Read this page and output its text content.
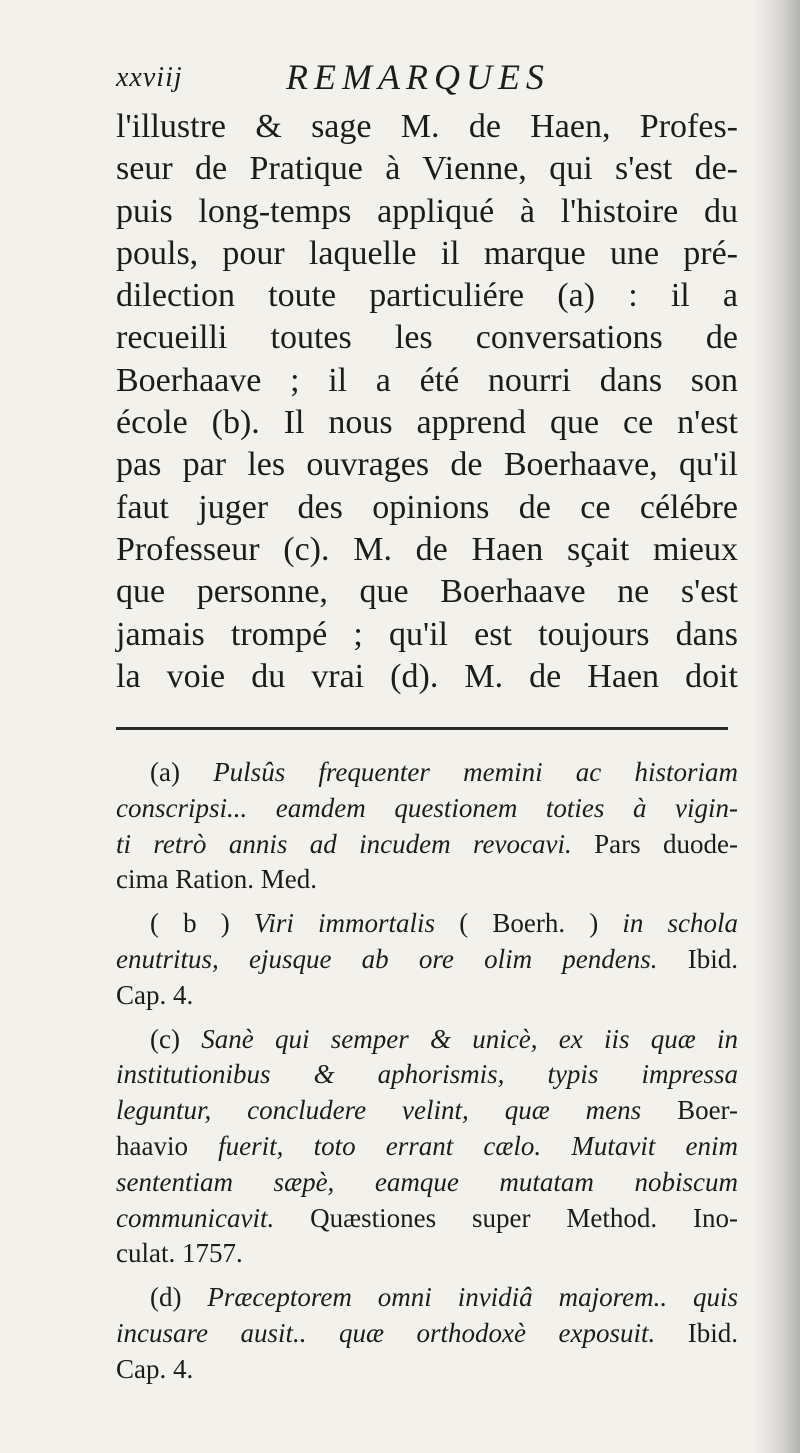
xxviij	REMARQUES
l'illustre & sage M. de Haen, Profes-
seur de Pratique à Vienne, qui s'est de-
puis long-temps appliqué à l'histoire du
pouls, pour laquelle il marque une pré-
dilection toute particuliére (a) : il a
recueilli toutes les conversations de
Boerhaave ; il a été nourri dans son
école (b). Il nous apprend que ce n'est
pas par les ouvrages de Boerhaave, qu'il
faut juger des opinions de ce célébre
Professeur (c). M. de Haen sçait mieux
que personne, que Boerhaave ne s'est
jamais trompé ; qu'il est toujours dans
la voie du vrai (d). M. de Haen doit
(a) Pulsûs frequenter memini ac historiam
conscripsi... eamdem questionem toties à vigin-
ti retrò annis ad incudem revocavi. Pars duode-
cima Ration. Med.
( b ) Viri immortalis ( Boerh. ) in schola
enutritus, ejusque ab ore olim pendens. Ibid.
Cap. 4.
(c) Sanè qui semper & unicè, ex iis quæ in
institutionibus & aphorismis, typis impressa
leguntur, concludere velint, quæ mens Boer-
haavio fuerit, toto errant cælo. Mutavit enim
sententiam sæpè, eamque mutatam nobiscum
communicavit. Quæstiones super Method. Ino-
culat. 1757.
(d) Præceptorem omni invidiâ majorem.. quis
incusare ausit.. quæ orthodoxè exposuit. Ibid.
Cap. 4.
